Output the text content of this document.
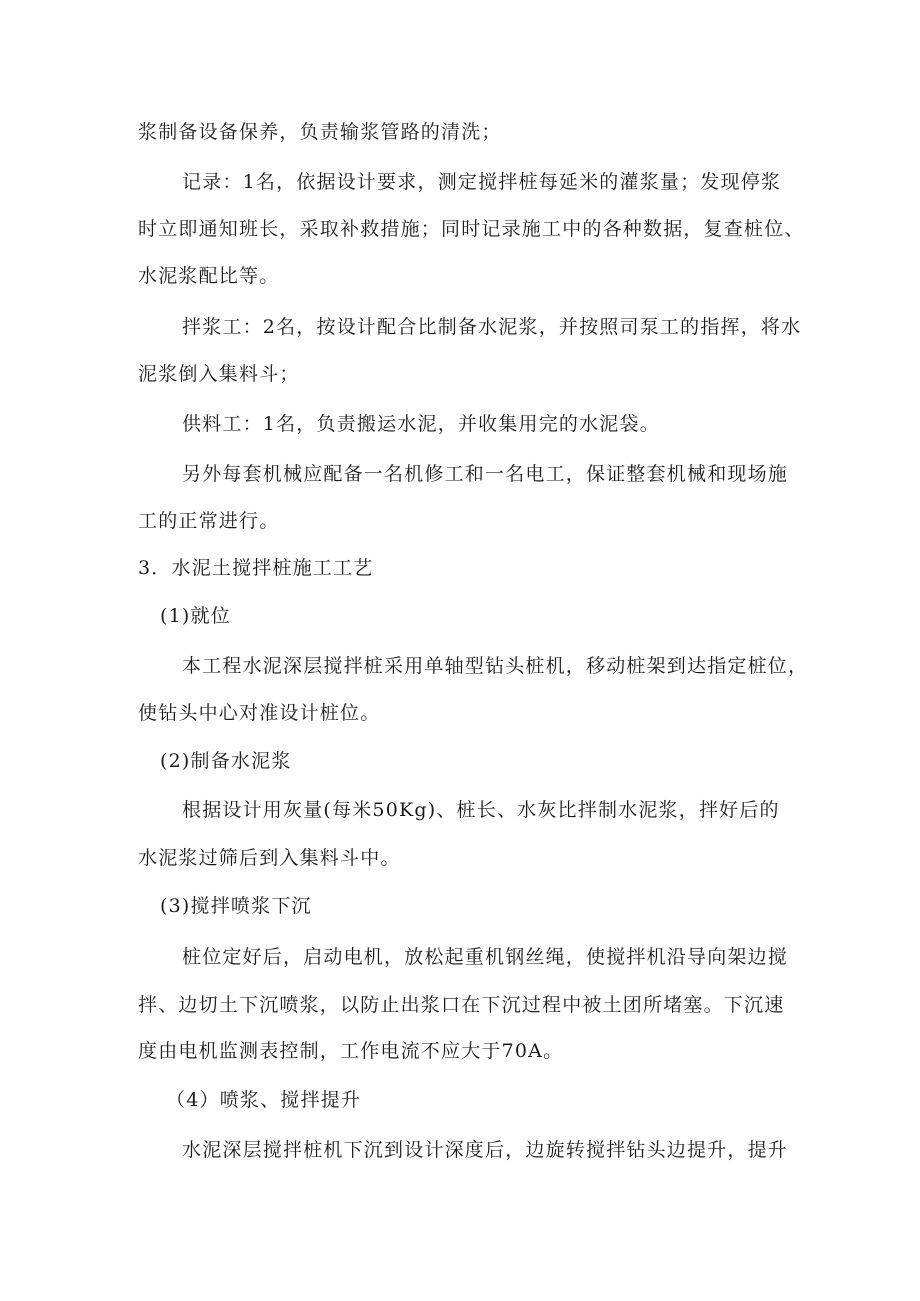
浆制备设备保养，负责输浆管路的清洗；
记录：1名，依据设计要求，测定搅拌桩每延米的灌浆量；发现停浆
时立即通知班长，采取补救措施；同时记录施工中的各种数据，复查桩位、
水泥浆配比等。
拌浆工：2名，按设计配合比制备水泥浆，并按照司泵工的指挥，将水
泥浆倒入集料斗；
供料工：1名，负责搬运水泥，并收集用完的水泥袋。
另外每套机械应配备一名机修工和一名电工，保证整套机械和现场施
工的正常进行。
3．水泥土搅拌桩施工工艺
(1)就位
本工程水泥深层搅拌桩采用单轴型钻头桩机，移动桩架到达指定桩位，
使钻头中心对准设计桩位。
(2)制备水泥浆
根据设计用灰量(每米50Kg)、桩长、水灰比拌制水泥浆，拌好后的
水泥浆过筛后到入集料斗中。
(3)搅拌喷浆下沉
桩位定好后，启动电机，放松起重机钢丝绳，使搅拌机沿导向架边搅
拌、边切土下沉喷浆，以防止出浆口在下沉过程中被土团所堵塞。下沉速
度由电机监测表控制，工作电流不应大于70A。
（4）喷浆、搅拌提升
水泥深层搅拌桩机下沉到设计深度后，边旋转搅拌钻头边提升，提升
